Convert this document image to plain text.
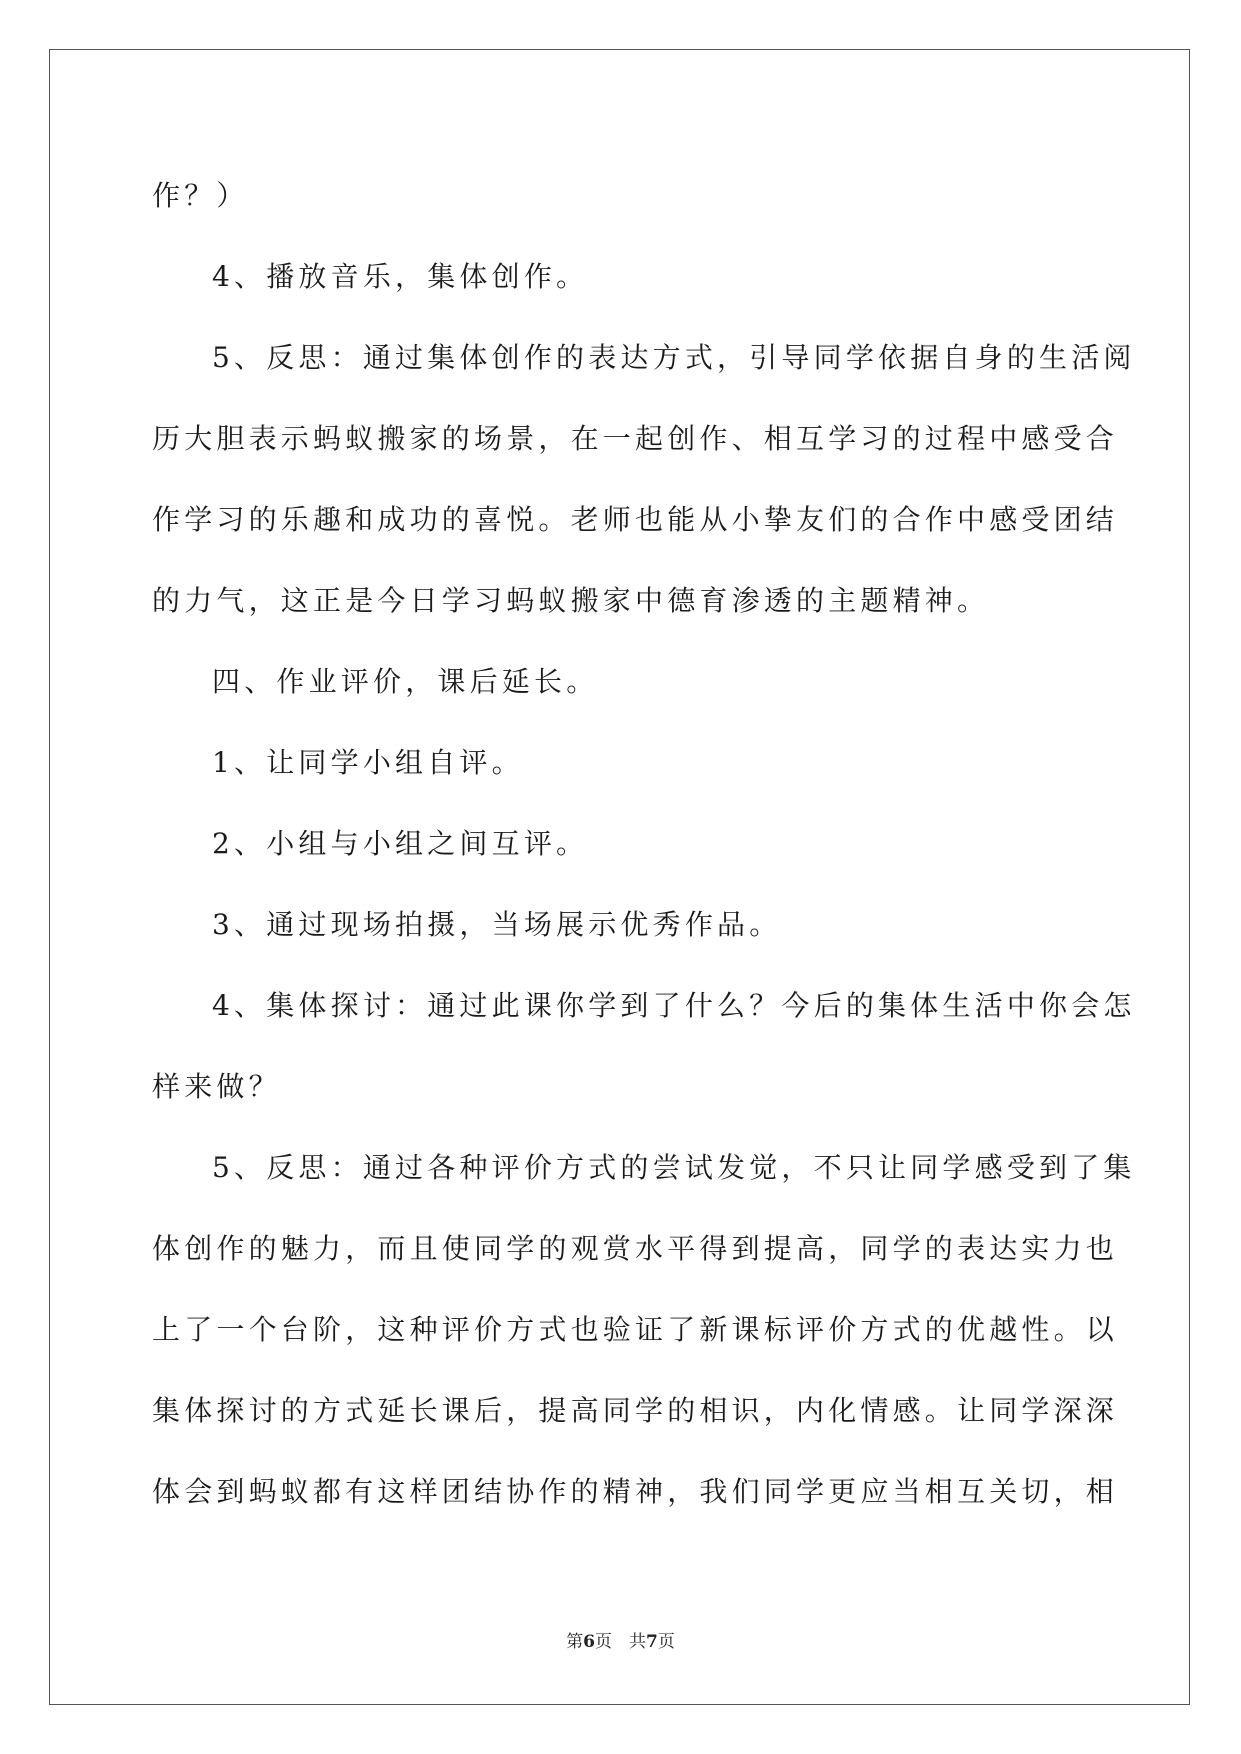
作？）
4、播放音乐，集体创作。
5、反思：通过集体创作的表达方式，引导同学依据自身的生活阅
历大胆表示蚂蚁搬家的场景，在一起创作、相互学习的过程中感受合
作学习的乐趣和成功的喜悦。老师也能从小挚友们的合作中感受团结
的力气，这正是今日学习蚂蚁搬家中德育渗透的主题精神。
四、作业评价，课后延长。
1、让同学小组自评。
2、小组与小组之间互评。
3、通过现场拍摄，当场展示优秀作品。
4、集体探讨：通过此课你学到了什么？今后的集体生活中你会怎
样来做？
5、反思：通过各种评价方式的尝试发觉，不只让同学感受到了集
体创作的魅力，而且使同学的观赏水平得到提高，同学的表达实力也
上了一个台阶，这种评价方式也验证了新课标评价方式的优越性。以
集体探讨的方式延长课后，提高同学的相识，内化情感。让同学深深
体会到蚂蚁都有这样团结协作的精神，我们同学更应当相互关切，相
第6页　共7页
